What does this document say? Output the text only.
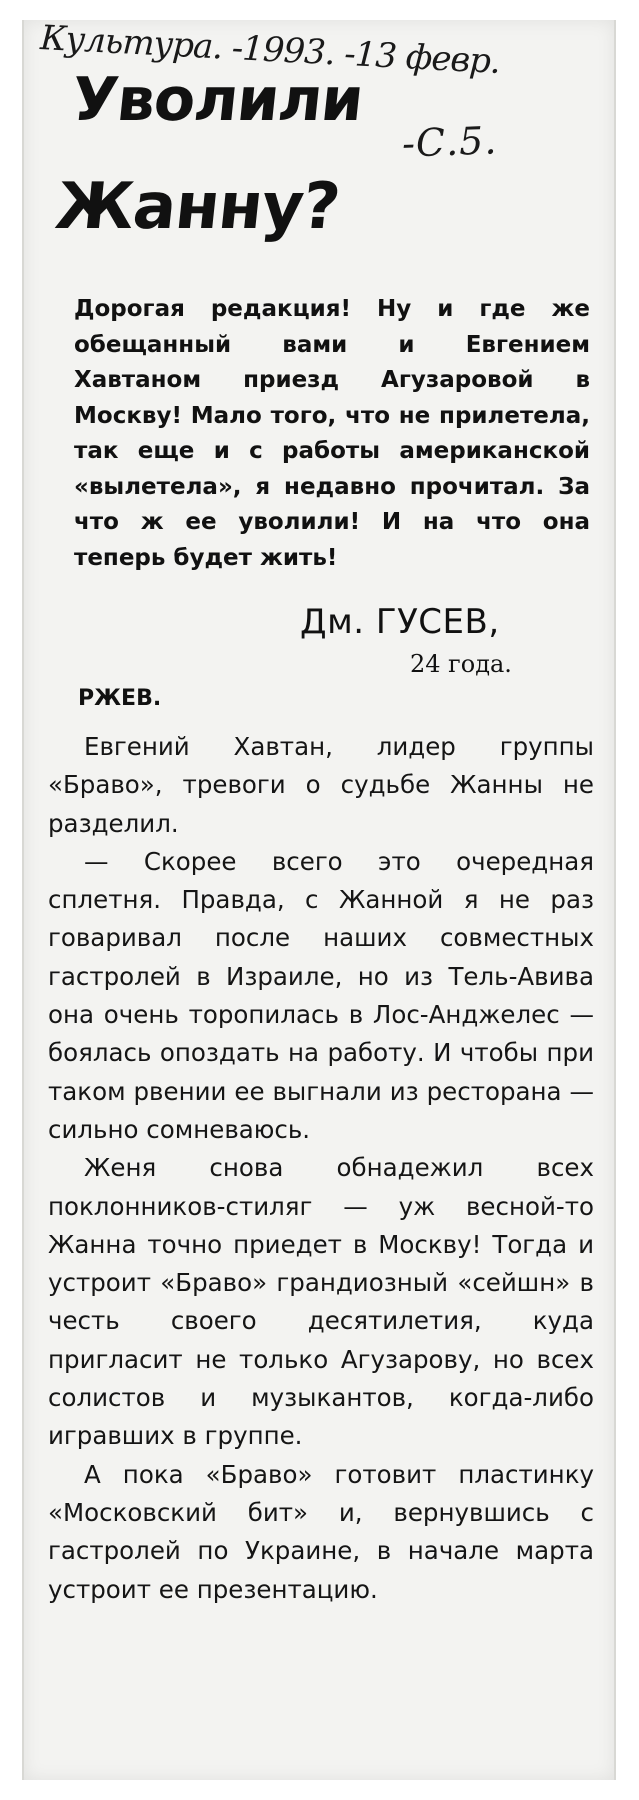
Культура. -1993. -13 февр.
-С.5.
Уволили
Жанну?

Дорогая редакция! Ну и где же обещанный вами и Евгением Хавтаном приезд Агузаровой в Москву! Мало того, что не прилетела, так еще и с работы американской «вылетела», я недавно прочитал. За что ж ее уволили! И на что она теперь будет жить!

Дм. ГУСЕВ,
24 года.
РЖЕВ.

Евгений Хавтан, лидер группы «Браво», тревоги о судьбе Жанны не разделил.

— Скорее всего это очередная сплетня. Правда, с Жанной я не раз говаривал после наших совместных гастролей в Израиле, но из Тель-Авива она очень торопилась в Лос-Анджелес — боялась опоздать на работу. И чтобы при таком рвении ее выгнали из ресторана — сильно сомневаюсь.

Женя снова обнадежил всех поклонников-стиляг — уж весной-то Жанна точно приедет в Москву! Тогда и устроит «Браво» грандиозный «сейшн» в честь своего десятилетия, куда пригласит не только Агузарову, но всех солистов и музыкантов, когда-либо игравших в группе.

А пока «Браво» готовит пластинку «Московский бит» и, вернувшись с гастролей по Украине, в начале марта устроит ее презентацию.
